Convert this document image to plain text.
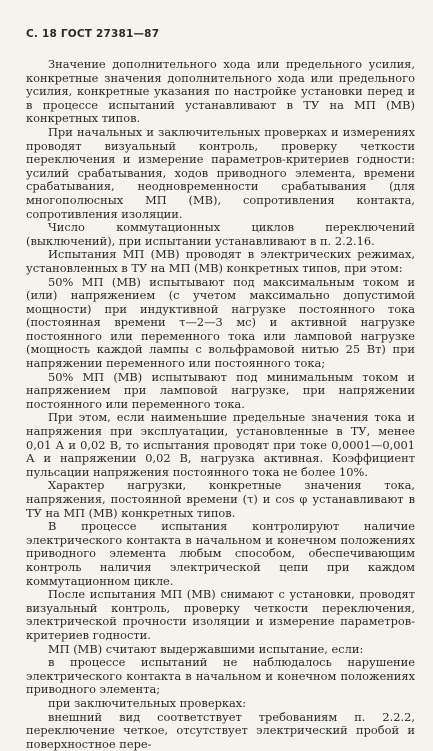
С. 18 ГОСТ 27381—87

Значение дополнительного хода или предельного усилия, конкретные значения дополнительного хода или предельного усилия, конкретные указания по настройке установки перед и в процессе испытаний устанавливают в ТУ на МП (МВ) конкретных типов.

При начальных и заключительных проверках и измерениях проводят визуальный контроль, проверку четкости переключения и измерение параметров-критериев годности: усилий срабатывания, ходов приводного элемента, времени срабатывания, неодновременности срабатывания (для многополюсных МП (МВ), сопротивления контакта, сопротивления изоляции.

Число коммутационных циклов переключений (выключений), при испытании устанавливают в п. 2.2.16.

Испытания МП (МВ) проводят в электрических режимах, установленных в ТУ на МП (МВ) конкретных типов, при этом:

50% МП (МВ) испытывают под максимальным током и (или) напряжением (с учетом максимально допустимой мощности) при индуктивной нагрузке постоянного тока (постоянная времени τ—2—3 мс) и активной нагрузке постоянного или переменного тока или ламповой нагрузке (мощность каждой лампы с вольфрамовой нитью 25 Вт) при напряжении переменного или постоянного тока;

50% МП (МВ) испытывают под минимальным током и напряжением при ламповой нагрузке, при напряжении постоянного или переменного тока.

При этом, если наименьшие предельные значения тока и напряжения при эксплуатации, установленные в ТУ, менее 0,01 А и 0,02 В, то испытания проводят при токе 0,0001—0,001 А и напряжении 0,02 В, нагрузка активная. Коэффициент пульсации напряжения постоянного тока не более 10%.

Характер нагрузки, конкретные значения тока, напряжения, постоянной времени (τ) и cos φ устанавливают в ТУ на МП (МВ) конкретных типов.

В процессе испытания контролируют наличие электрического контакта в начальном и конечном положениях приводного элемента любым способом, обеспечивающим контроль наличия электрической цепи при каждом коммутационном цикле.

После испытания МП (МВ) снимают с установки, проводят визуальный контроль, проверку четкости переключения, электрической прочности изоляции и измерение параметров-критериев годности.

МП (МВ) считают выдержавшими испытание, если:

в процессе испытаний не наблюдалось нарушение электрического контакта в начальном и конечном положениях приводного элемента;

при заключительных проверках:

внешний вид соответствует требованиям п. 2.2.2, переключение четкое, отсутствует электрический пробой и поверхностное пере-
